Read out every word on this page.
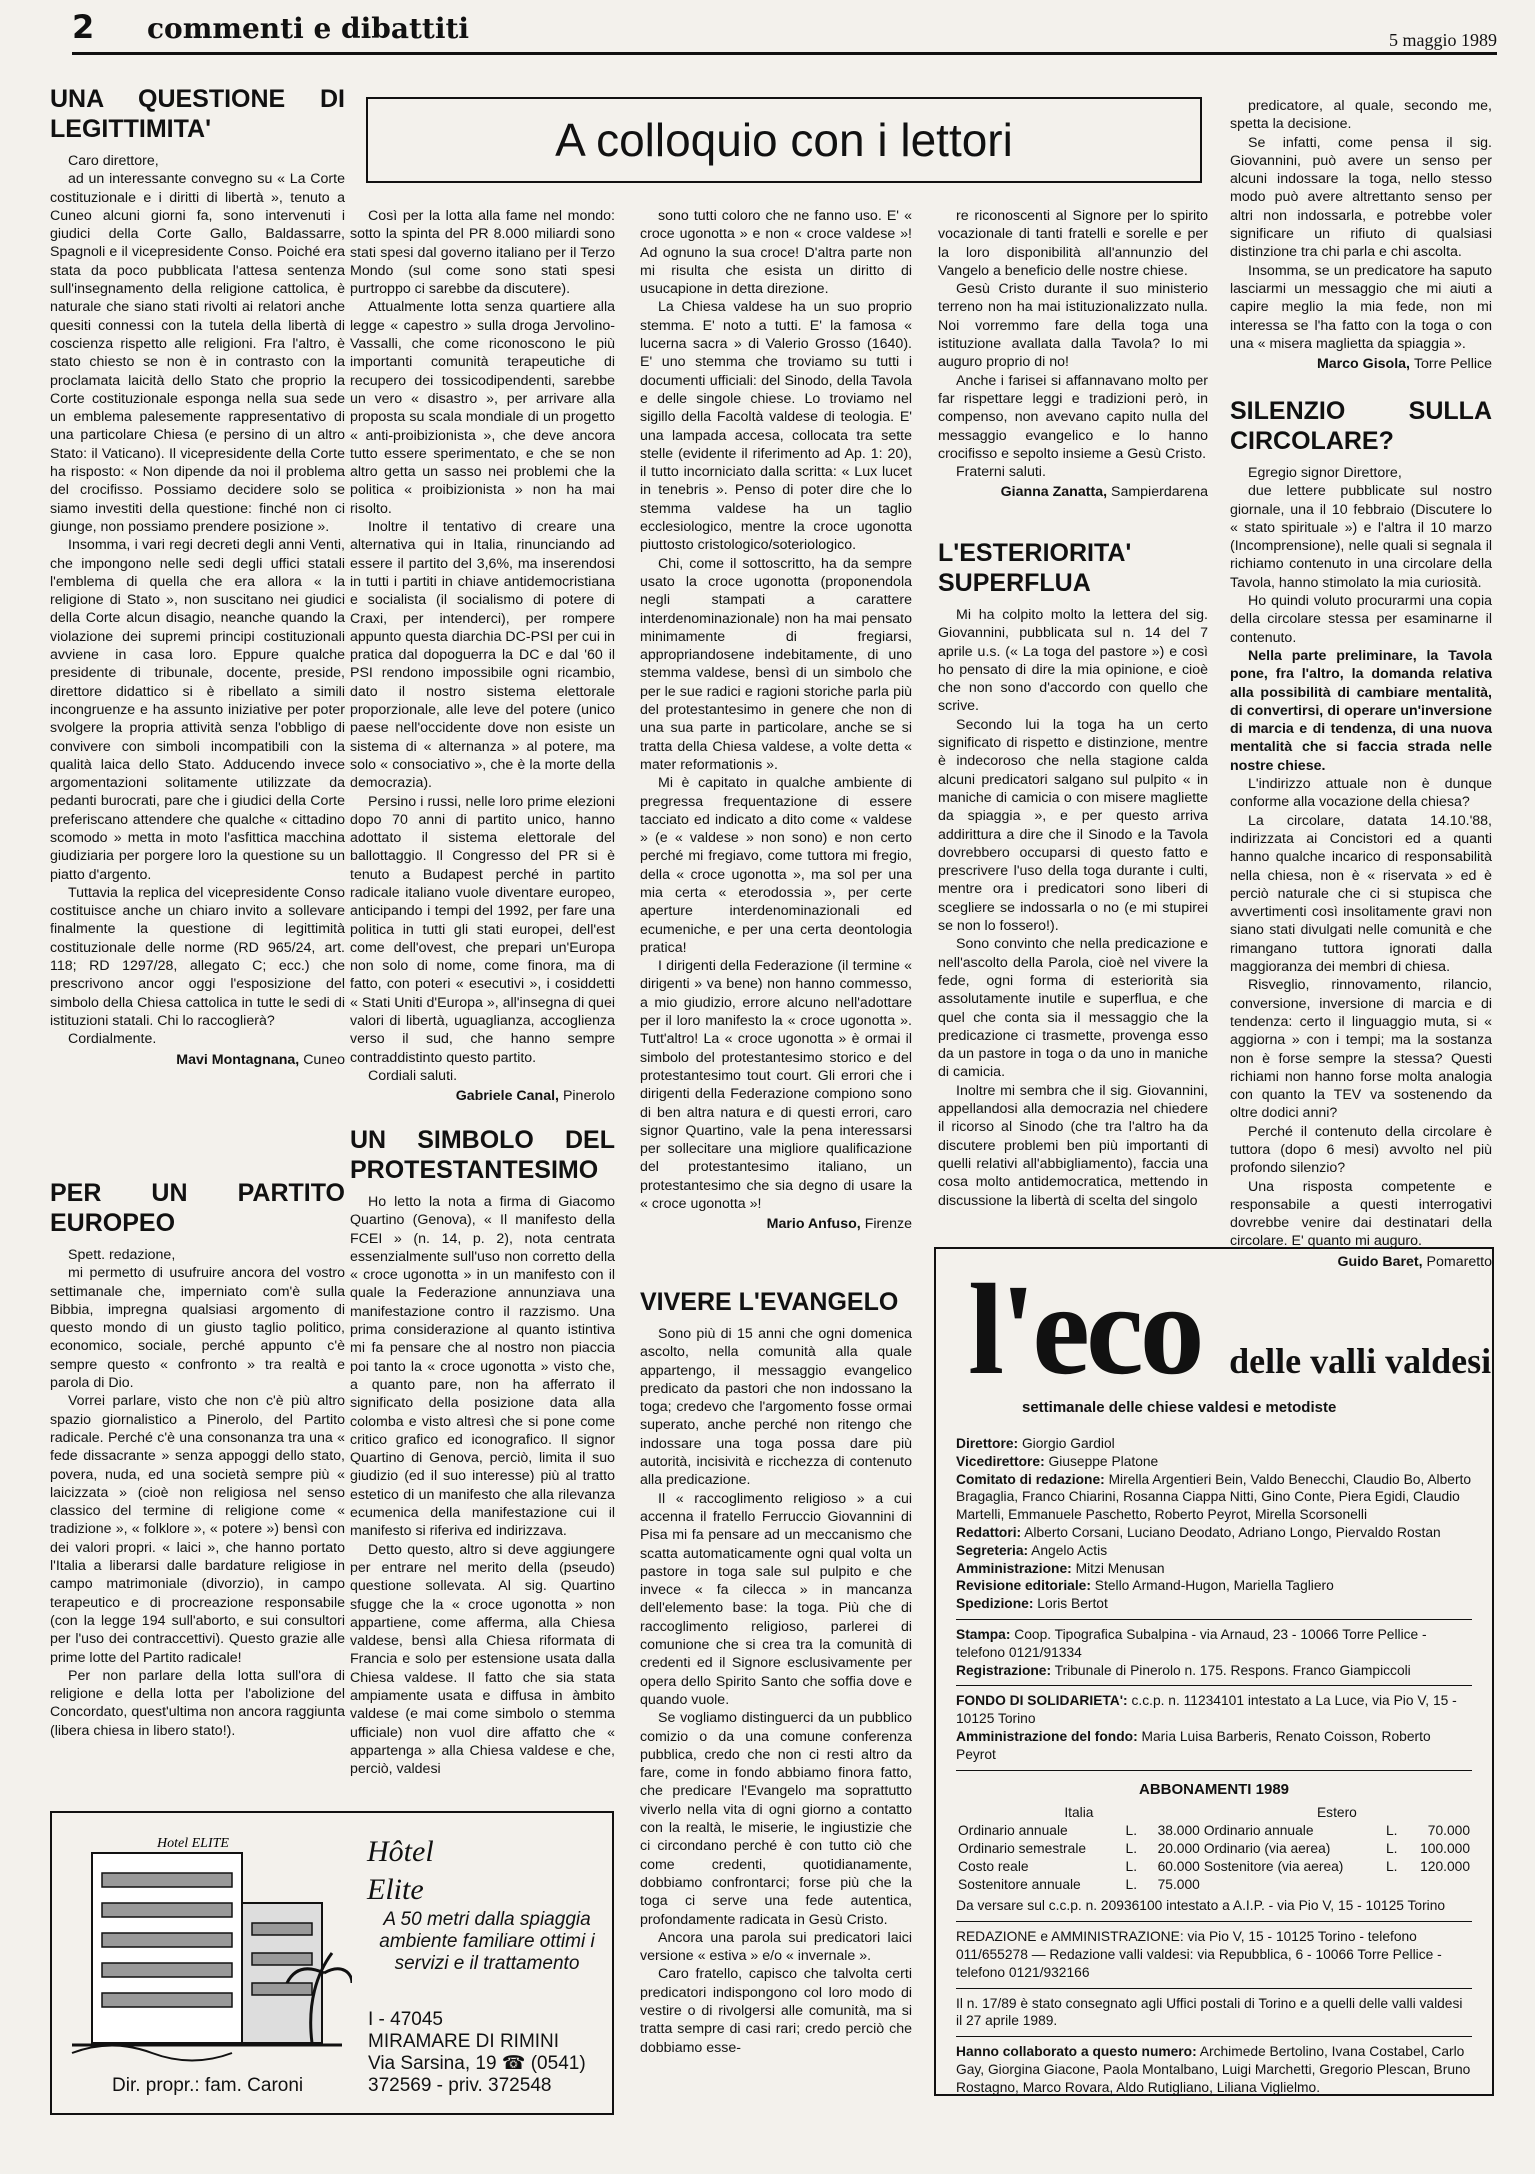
2 commenti e dibattiti	5 maggio 1989
A colloquio con i lettori
UNA QUESTIONE DI LEGITTIMITA'

Caro direttore,

ad un interessante convegno su « La Corte costituzionale e i diritti di libertà », tenuto a Cuneo alcuni giorni fa, sono intervenuti i giudici della Corte Gallo, Baldassarre, Spagnoli e il vicepresidente Conso. Poiché era stata da poco pubblicata l'attesa sentenza sull'insegnamento della religione cattolica, è naturale che siano stati rivolti ai relatori anche quesiti connessi con la tutela della libertà di coscienza rispetto alle religioni. Fra l'altro, è stato chiesto se non è in contrasto con la proclamata laicità dello Stato che proprio la Corte costituzionale esponga nella sua sede un emblema palesemente rappresentativo di una particolare Chiesa (e persino di un altro Stato: il Vaticano). Il vicepresidente della Corte ha risposto: « Non dipende da noi il problema del crocifisso. Possiamo decidere solo se siamo investiti della questione: finché non ci giunge, non possiamo prendere posizione ».

Insomma, i vari regi decreti degli anni Venti, che impongono nelle sedi degli uffici statali l'emblema di quella che era allora « la religione di Stato », non suscitano nei giudici della Corte alcun disagio, neanche quando la violazione dei supremi principi costituzionali avviene in casa loro. Eppure qualche presidente di tribunale, docente, preside, direttore didattico si è ribellato a simili incongruenze e ha assunto iniziative per poter svolgere la propria attività senza l'obbligo di convivere con simboli incompatibili con la qualità laica dello Stato. Adducendo invece argomentazioni solitamente utilizzate da pedanti burocrati, pare che i giudici della Corte preferiscano attendere che qualche « cittadino scomodo » metta in moto l'asfittica macchina giudiziaria per porgere loro la questione su un piatto d'argento.

Tuttavia la replica del vicepresidente Conso costituisce anche un chiaro invito a sollevare finalmente la questione di legittimità costituzionale delle norme (RD 965/24, art. 118; RD 1297/28, allegato C; ecc.) che prescrivono ancor oggi l'esposizione del simbolo della Chiesa cattolica in tutte le sedi di istituzioni statali. Chi lo raccoglierà?

Cordialmente.

Mavi Montagnana, Cuneo
PER UN PARTITO EUROPEO

Spett. redazione,

mi permetto di usufruire ancora del vostro settimanale che, imperniato com'è sulla Bibbia, impregna qualsiasi argomento di questo mondo di un giusto taglio politico, economico, sociale, perché appunto c'è sempre questo « confronto » tra realtà e parola di Dio.

Vorrei parlare, visto che non c'è più altro spazio giornalistico a Pinerolo, del Partito radicale. Perché c'è una consonanza tra una « fede dissacrante » senza appoggi dello stato, povera, nuda, ed una società sempre più « laicizzata » (cioè non religiosa nel senso classico del termine di religione come « tradizione », « folklore », « potere ») bensì con dei valori propri. « laici », che hanno portato l'Italia a liberarsi dalle bardature religiose in campo matrimoniale (divorzio), in campo terapeutico e di procreazione responsabile (con la legge 194 sull'aborto, e sui consultori per l'uso dei contraccettivi). Questo grazie alle prime lotte del Partito radicale!

Per non parlare della lotta sull'ora di religione e della lotta per l'abolizione del Concordato, quest'ultima non ancora raggiunta (libera chiesa in libero stato!).

Così per la lotta alla fame nel mondo: sotto la spinta del PR 8.000 miliardi sono stati spesi dal governo italiano per il Terzo Mondo (sul come sono stati spesi purtroppo ci sarebbe da discutere).

Attualmente lotta senza quartiere alla legge « capestro » sulla droga Jervolino-Vassalli, che come riconoscono le più importanti comunità terapeutiche di recupero dei tossicodipendenti, sarebbe un vero « disastro », per arrivare alla proposta su scala mondiale di un progetto « anti-proibizionista », che deve ancora tutto essere sperimentato, e che se non altro getta un sasso nei problemi che la politica « proibizionista » non ha mai risolto.

Inoltre il tentativo di creare una alternativa qui in Italia, rinunciando ad essere il partito del 3,6%, ma inserendosi in tutti i partiti in chiave antidemocristiana e socialista (il socialismo di potere di Craxi, per intenderci), per rompere appunto questa diarchia DC-PSI per cui in pratica dal dopoguerra la DC e dal '60 il PSI rendono impossibile ogni ricambio, dato il nostro sistema elettorale proporzionale, alle leve del potere (unico paese nell'occidente dove non esiste un sistema di « alternanza » al potere, ma solo « consociativo », che è la morte della democrazia).

Persino i russi, nelle loro prime elezioni dopo 70 anni di partito unico, hanno adottato il sistema elettorale del ballottaggio. Il Congresso del PR si è tenuto a Budapest perché in partito radicale italiano vuole diventare europeo, anticipando i tempi del 1992, per fare una politica in tutti gli stati europei, dell'est come dell'ovest, che prepari un'Europa non solo di nome, come finora, ma di fatto, con poteri « esecutivi », i cosiddetti « Stati Uniti d'Europa », all'insegna di quei valori di libertà, uguaglianza, accoglienza verso il sud, che hanno sempre contraddistinto questo partito.

Cordiali saluti.

Gabriele Canal, Pinerolo
UN SIMBOLO DEL PROTESTANTESIMO

Ho letto la nota a firma di Giacomo Quartino (Genova), « Il manifesto della FCEI » (n. 14, p. 2), nota centrata essenzialmente sull'uso non corretto della « croce ugonotta » in un manifesto con il quale la Federazione annunziava una manifestazione contro il razzismo. Una prima considerazione al quanto istintiva mi fa pensare che al nostro non piaccia poi tanto la « croce ugonotta » visto che, a quanto pare, non ha afferrato il significato della posizione data alla colomba e visto altresì che si pone come critico grafico ed iconografico. Il signor Quartino di Genova, perciò, limita il suo giudizio (ed il suo interesse) più al tratto estetico di un manifesto che alla rilevanza ecumenica della manifestazione cui il manifesto si riferiva ed indirizzava.

Detto questo, altro si deve aggiungere per entrare nel merito della (pseudo) questione sollevata. Al sig. Quartino sfugge che la « croce ugonotta » non appartiene, come afferma, alla Chiesa valdese, bensì alla Chiesa riformata di Francia e solo per estensione usata dalla Chiesa valdese. Il fatto che sia stata ampiamente usata e diffusa in àmbito valdese (e mai come simbolo o stemma ufficiale) non vuol dire affatto che « appartenga » alla Chiesa valdese e che, perciò, valdesi

sono tutti coloro che ne fanno uso. E' « croce ugonotta » e non « croce valdese »! Ad ognuno la sua croce! D'altra parte non mi risulta che esista un diritto di usucapione in detta direzione.

La Chiesa valdese ha un suo proprio stemma. E' noto a tutti. E' la famosa « lucerna sacra » di Valerio Grosso (1640). E' uno stemma che troviamo su tutti i documenti ufficiali: del Sinodo, della Tavola e delle singole chiese. Lo troviamo nel sigillo della Facoltà valdese di teologia. E' una lampada accesa, collocata tra sette stelle (evidente il riferimento ad Ap. 1: 20), il tutto incorniciato dalla scritta: « Lux lucet in tenebris ». Penso di poter dire che lo stemma valdese ha un taglio ecclesiologico, mentre la croce ugonotta piuttosto cristologico/soteriologico.

Chi, come il sottoscritto, ha da sempre usato la croce ugonotta (proponendola negli stampati a carattere interdenominazionale) non ha mai pensato minimamente di fregiarsi, appropriandosene indebitamente, di uno stemma valdese, bensì di un simbolo che per le sue radici e ragioni storiche parla più del protestantesimo in genere che non di una sua parte in particolare, anche se si tratta della Chiesa valdese, a volte detta « mater reformationis ».

Mi è capitato in qualche ambiente di pregressa frequentazione di essere tacciato ed indicato a dito come « valdese » (e « valdese » non sono) e non certo perché mi fregiavo, come tuttora mi fregio, della « croce ugonotta », ma sol per una mia certa « eterodossia », per certe aperture interdenominazionali ed ecumeniche, e per una certa deontologia pratica!

I dirigenti della Federazione (il termine « dirigenti » va bene) non hanno commesso, a mio giudizio, errore alcuno nell'adottare per il loro manifesto la « croce ugonotta ». Tutt'altro! La « croce ugonotta » è ormai il simbolo del protestantesimo storico e del protestantesimo tout court. Gli errori che i dirigenti della Federazione compiono sono di ben altra natura e di questi errori, caro signor Quartino, vale la pena interessarsi per sollecitare una migliore qualificazione del protestantesimo italiano, un protestantesimo che sia degno di usare la « croce ugonotta »!

Mario Anfuso, Firenze
VIVERE L'EVANGELO

Sono più di 15 anni che ogni domenica ascolto, nella comunità alla quale appartengo, il messaggio evangelico predicato da pastori che non indossano la toga; credevo che l'argomento fosse ormai superato, anche perché non ritengo che indossare una toga possa dare più autorità, incisività e ricchezza di contenuto alla predicazione.

Il « raccoglimento religioso » a cui accenna il fratello Ferruccio Giovannini di Pisa mi fa pensare ad un meccanismo che scatta automaticamente ogni qual volta un pastore in toga sale sul pulpito e che invece « fa cilecca » in mancanza dell'elemento base: la toga. Più che di raccoglimento religioso, parlerei di comunione che si crea tra la comunità di credenti ed il Signore esclusivamente per opera dello Spirito Santo che soffia dove e quando vuole.

Se vogliamo distinguerci da un pubblico comizio o da una comune conferenza pubblica, credo che non ci resti altro da fare, come in fondo abbiamo finora fatto, che predicare l'Evangelo ma soprattutto viverlo nella vita di ogni giorno a contatto con la realtà, le miserie, le ingiustizie che ci circondano perché è con tutto ciò che come credenti, quotidianamente, dobbiamo confrontarci; forse più che la toga ci serve una fede autentica, profondamente radicata in Gesù Cristo.

Ancora una parola sui predicatori laici versione « estiva » e/o « invernale ».

Caro fratello, capisco che talvolta certi predicatori indispongono col loro modo di vestire o di rivolgersi alle comunità, ma si tratta sempre di casi rari; credo perciò che dobbiamo esse-

re riconoscenti al Signore per lo spirito vocazionale di tanti fratelli e sorelle e per la loro disponibilità all'annunzio del Vangelo a beneficio delle nostre chiese.

Gesù Cristo durante il suo ministerio terreno non ha mai istituzionalizzato nulla. Noi vorremmo fare della toga una istituzione avallata dalla Tavola? Io mi auguro proprio di no!

Anche i farisei si affannavano molto per far rispettare leggi e tradizioni però, in compenso, non avevano capito nulla del messaggio evangelico e lo hanno crocifisso e sepolto insieme a Gesù Cristo.

Fraterni saluti.

Gianna Zanatta, Sampierdarena
L'ESTERIORITA' SUPERFLUA

Mi ha colpito molto la lettera del sig. Giovannini, pubblicata sul n. 14 del 7 aprile u.s. (« La toga del pastore ») e così ho pensato di dire la mia opinione, e cioè che non sono d'accordo con quello che scrive.

Secondo lui la toga ha un certo significato di rispetto e distinzione, mentre è indecoroso che nella stagione calda alcuni predicatori salgano sul pulpito « in maniche di camicia o con misere magliette da spiaggia », e per questo arriva addirittura a dire che il Sinodo e la Tavola dovrebbero occuparsi di questo fatto e prescrivere l'uso della toga durante i culti, mentre ora i predicatori sono liberi di scegliere se indossarla o no (e mi stupirei se non lo fossero!).

Sono convinto che nella predicazione e nell'ascolto della Parola, cioè nel vivere la fede, ogni forma di esteriorità sia assolutamente inutile e superflua, e che quel che conta sia il messaggio che la predicazione ci trasmette, provenga esso da un pastore in toga o da uno in maniche di camicia.

Inoltre mi sembra che il sig. Giovannini, appellandosi alla democrazia nel chiedere il ricorso al Sinodo (che tra l'altro ha da discutere problemi ben più importanti di quelli relativi all'abbigliamento), faccia una cosa molto antidemocratica, mettendo in discussione la libertà di scelta del singolo

predicatore, al quale, secondo me, spetta la decisione.

Se infatti, come pensa il sig. Giovannini, può avere un senso per alcuni indossare la toga, nello stesso modo può avere altrettanto senso per altri non indossarla, e potrebbe voler significare un rifiuto di qualsiasi distinzione tra chi parla e chi ascolta.

Insomma, se un predicatore ha saputo lasciarmi un messaggio che mi aiuti a capire meglio la mia fede, non mi interessa se l'ha fatto con la toga o con una « misera maglietta da spiaggia ».

Marco Gisola, Torre Pellice
SILENZIO SULLA CIRCOLARE?

Egregio signor Direttore,

due lettere pubblicate sul nostro giornale, una il 10 febbraio (Discutere lo « stato spirituale ») e l'altra il 10 marzo (Incomprensione), nelle quali si segnala il richiamo contenuto in una circolare della Tavola, hanno stimolato la mia curiosità.

Ho quindi voluto procurarmi una copia della circolare stessa per esaminarne il contenuto.

Nella parte preliminare, la Tavola pone, fra l'altro, la domanda relativa alla possibilità di cambiare mentalità, di convertirsi, di operare un'inversione di marcia e di tendenza, di una nuova mentalità che si faccia strada nelle nostre chiese.

L'indirizzo attuale non è dunque conforme alla vocazione della chiesa?

La circolare, datata 14.10.'88, indirizzata ai Concistori ed a quanti hanno qualche incarico di responsabilità nella chiesa, non è « riservata » ed è perciò naturale che ci si stupisca che avvertimenti così insolitamente gravi non siano stati divulgati nelle comunità e che rimangano tuttora ignorati dalla maggioranza dei membri di chiesa.

Risveglio, rinnovamento, rilancio, conversione, inversione di marcia e di tendenza: certo il linguaggio muta, si « aggiorna » con i tempi; ma la sostanza non è forse sempre la stessa? Questi richiami non hanno forse molta analogia con quanto la TEV va sostenendo da oltre dodici anni?

Perché il contenuto della circolare è tuttora (dopo 6 mesi) avvolto nel più profondo silenzio?

Una risposta competente e responsabile a questi interrogativi dovrebbe venire dai destinatari della circolare. E' quanto mi auguro.

Guido Baret, Pomaretto
Hotel ELITE	Hôtel
Elite
A 50 metri dalla spiaggia ambiente familiare ottimi i servizi e il trattamento
I - 47045
MIRAMARE DI RIMINI
Via Sarsina, 19 ☎ (0541)
372569 - priv. 372548
Dir. propr.: fam. Caroni
l'eco delle valli valdesi
settimanale delle chiese valdesi e metodiste
Direttore: Giorgio Gardiol
Vicedirettore: Giuseppe Platone
Comitato di redazione: Mirella Argentieri Bein, Valdo Benecchi, Claudio Bo, Alberto Bragaglia, Franco Chiarini, Rosanna Ciappa Nitti, Gino Conte, Piera Egidi, Claudio Martelli, Emmanuele Paschetto, Roberto Peyrot, Mirella Scorsonelli
Redattori: Alberto Corsani, Luciano Deodato, Adriano Longo, Piervaldo Rostan
Segreteria: Angelo Actis
Amministrazione: Mitzi Menusan
Revisione editoriale: Stello Armand-Hugon, Mariella Tagliero
Spedizione: Loris Bertot
Stampa: Coop. Tipografica Subalpina - via Arnaud, 23 - 10066 Torre Pellice - telefono 0121/91334
Registrazione: Tribunale di Pinerolo n. 175. Respons. Franco Giampiccoli
FONDO DI SOLIDARIETA': c.c.p. n. 11234101 intestato a La Luce, via Pio V, 15 - 10125 Torino
Amministrazione del fondo: Maria Luisa Barberis, Renato Coisson, Roberto Peyrot
ABBONAMENTI 1989
Italia			Estero		
Ordinario annuale	L.	38.000	Ordinario annuale	L.	70.000
Ordinario semestrale	L.	20.000	Ordinario (via aerea)	L.	100.000
Costo reale	L.	60.000	Sostenitore (via aerea)	L.	120.000
Sostenitore annuale	L.	75.000			
Da versare sul c.c.p. n. 20936100 intestato a A.I.P. - via Pio V, 15 - 10125 Torino
REDAZIONE e AMMINISTRAZIONE: via Pio V, 15 - 10125 Torino - telefono 011/655278 — Redazione valli valdesi: via Repubblica, 6 - 10066 Torre Pellice - telefono 0121/932166
Il n. 17/89 è stato consegnato agli Uffici postali di Torino e a quelli delle valli valdesi il 27 aprile 1989.
Hanno collaborato a questo numero: Archimede Bertolino, Ivana Costabel, Carlo Gay, Giorgina Giacone, Paola Montalbano, Luigi Marchetti, Gregorio Plescan, Bruno Rostagno, Marco Rovara, Aldo Rutigliano, Liliana Viglielmo.
